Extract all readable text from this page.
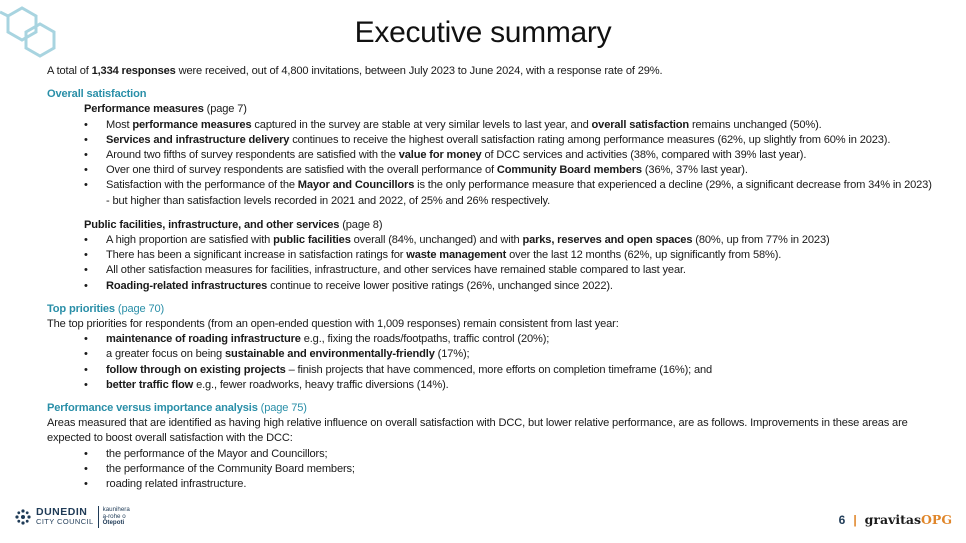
Executive summary

A total of 1,334 responses were received, out of 4,800 invitations, between July 2023 to June 2024, with a response rate of 29%.

Overall satisfaction

Performance measures (page 7)

• Most performance measures captured in the survey are stable at very similar levels to last year, and overall satisfaction remains unchanged (50%).
• Services and infrastructure delivery continues to receive the highest overall satisfaction rating among performance measures (62%, up slightly from 60% in 2023).
• Around two fifths of survey respondents are satisfied with the value for money of DCC services and activities (38%, compared with 39% last year).
• Over one third of survey respondents are satisfied with the overall performance of Community Board members (36%, 37% last year).
• Satisfaction with the performance of the Mayor and Councillors is the only performance measure that experienced a decline (29%, a significant decrease from 34% in 2023)

- but higher than satisfaction levels recorded in 2021 and 2022, of 25% and 26% respectively.

Public facilities, infrastructure, and other services (page 8)

• A high proportion are satisfied with public facilities overall (84%, unchanged) and with parks, reserves and open spaces (80%, up from 77% in 2023)
• There has been a significant increase in satisfaction ratings for waste management over the last 12 months (62%, up significantly from 58%).
• All other satisfaction measures for facilities, infrastructure, and other services have remained stable compared to last year.
• Roading-related infrastructures continue to receive lower positive ratings (26%, unchanged since 2022).

Top priorities (page 70)

The top priorities for respondents (from an open-ended question with 1,009 responses) remain consistent from last year:

• maintenance of roading infrastructure e.g., fixing the roads/footpaths, traffic control (20%);
• a greater focus on being sustainable and environmentally-friendly (17%);
• follow through on existing projects – finish projects that have commenced, more efforts on completion timeframe (16%); and
• better traffic flow e.g., fewer roadworks, heavy traffic diversions (14%).

Performance versus importance analysis (page 75)

Areas measured that are identified as having high relative influence on overall satisfaction with DCC, but lower relative performance, are as follows. Improvements in these areas are expected to boost overall satisfaction with the DCC:

• the performance of the Mayor and Councillors;
• the performance of the Community Board members;
• roading related infrastructure.
DUNEDIN
CITY COUNCIL
kaunihera
a-rohe o
Ōtepoti	6 | gravitasOPG
